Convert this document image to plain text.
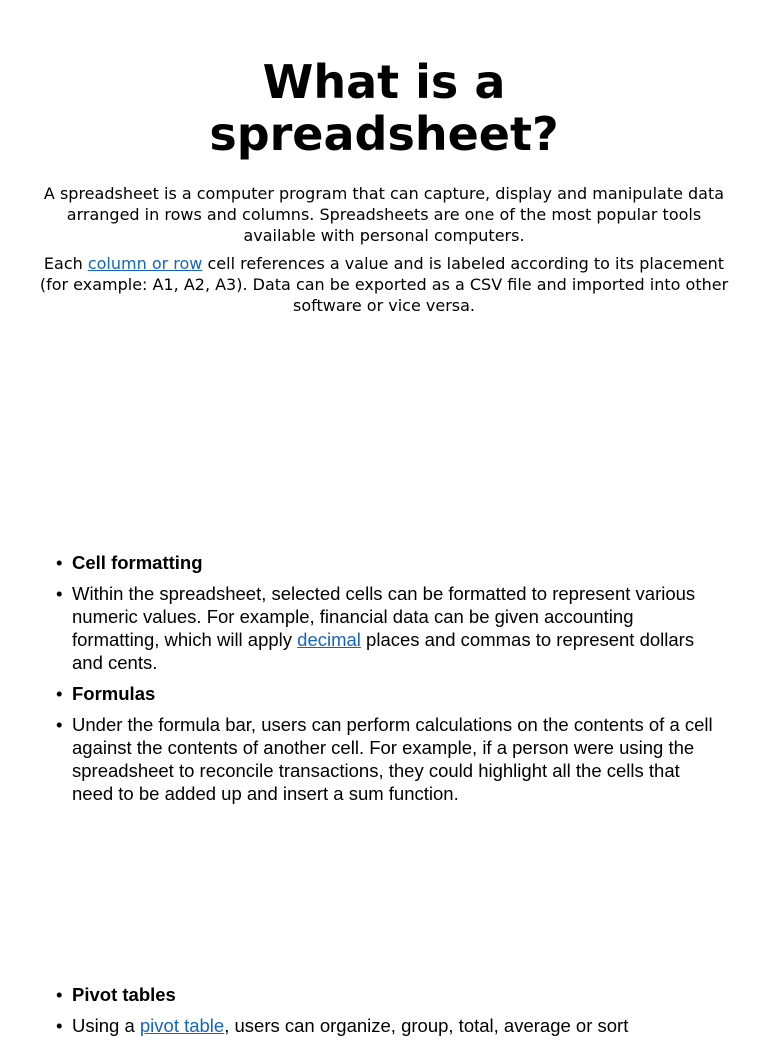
What is a
spreadsheet?

A spreadsheet is a computer program that can capture, display and manipulate data arranged in rows and columns. Spreadsheets are one of the most popular tools available with personal computers.

Each column or row cell references a value and is labeled according to its placement (for example: A1, A2, A3). Data can be exported as a CSV file and imported into other software or vice versa.

• Cell formatting
• Within the spreadsheet, selected cells can be formatted to represent various numeric values. For example, financial data can be given accounting formatting, which will apply decimal places and commas to represent dollars and cents.
• Formulas
• Under the formula bar, users can perform calculations on the contents of a cell against the contents of another cell. For example, if a person were using the spreadsheet to reconcile transactions, they could highlight all the cells that need to be added up and insert a sum function.
• Pivot tables
• Using a pivot table, users can organize, group, total, average or sort
